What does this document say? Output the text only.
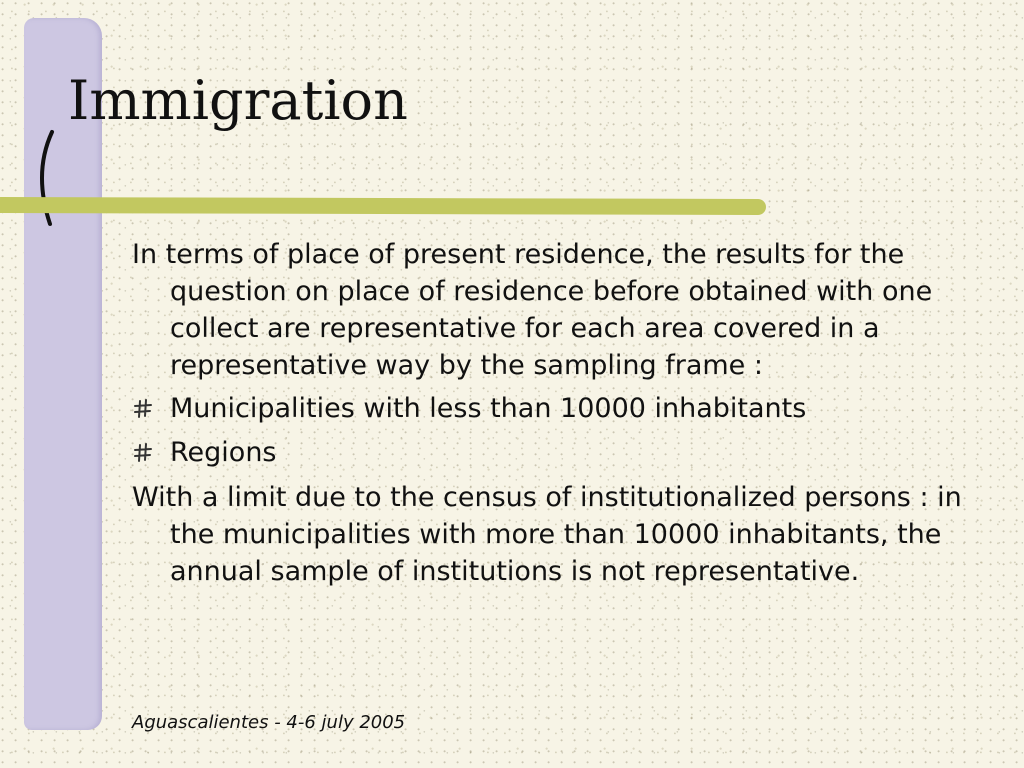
Immigration

In terms of place of present residence, the results for the question on place of residence before obtained with one collect are representative for each area covered in a representative way by the sampling frame :

Municipalities with less than 10000 inhabitants
Regions

With a limit due to the census of institutionalized persons : in the municipalities with more than 10000 inhabitants, the annual sample of institutions is not representative.

Aguascalientes - 4-6 july 2005
